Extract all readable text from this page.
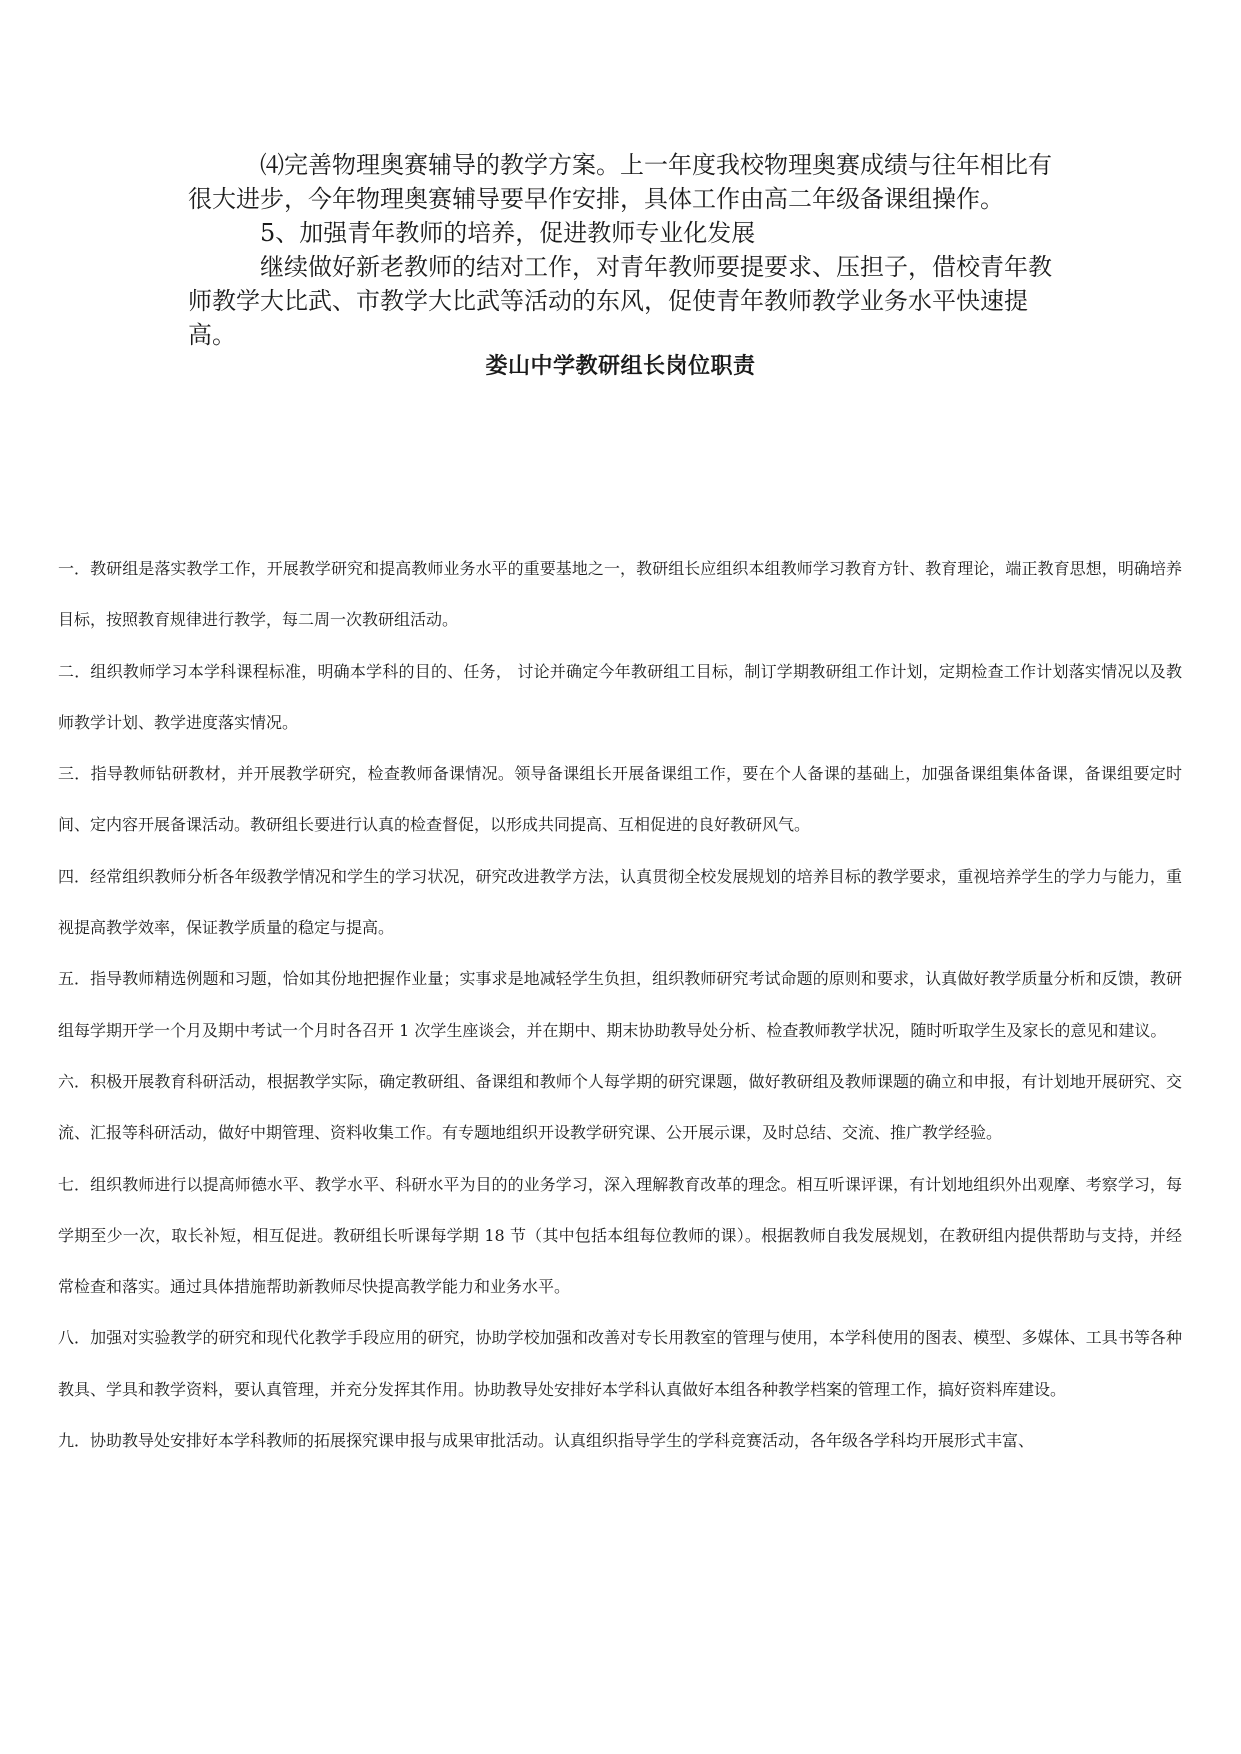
⑷完善物理奥赛辅导的教学方案。上一年度我校物理奥赛成绩与往年相比有很大进步，今年物理奥赛辅导要早作安排，具体工作由高二年级备课组操作。

5、加强青年教师的培养，促进教师专业化发展

继续做好新老教师的结对工作，对青年教师要提要求、压担子，借校青年教师教学大比武、市教学大比武等活动的东风，促使青年教师教学业务水平快速提高。

娄山中学教研组长岗位职责

一．教研组是落实教学工作，开展教学研究和提高教师业务水平的重要基地之一，教研组长应组织本组教师学习教育方针、教育理论，端正教育思想，明确培养目标，按照教育规律进行教学，每二周一次教研组活动。

二．组织教师学习本学科课程标准，明确本学科的目的、任务， 讨论并确定今年教研组工目标，制订学期教研组工作计划，定期检查工作计划落实情况以及教师教学计划、教学进度落实情况。

三．指导教师钻研教材，并开展教学研究，检查教师备课情况。领导备课组长开展备课组工作，要在个人备课的基础上，加强备课组集体备课，备课组要定时间、定内容开展备课活动。教研组长要进行认真的检查督促，以形成共同提高、互相促进的良好教研风气。

四．经常组织教师分析各年级教学情况和学生的学习状况，研究改进教学方法，认真贯彻全校发展规划的培养目标的教学要求，重视培养学生的学力与能力，重视提高教学效率，保证教学质量的稳定与提高。

五．指导教师精选例题和习题，恰如其份地把握作业量；实事求是地减轻学生负担，组织教师研究考试命题的原则和要求，认真做好教学质量分析和反馈，教研组每学期开学一个月及期中考试一个月时各召开 1 次学生座谈会，并在期中、期末协助教导处分析、检查教师教学状况，随时听取学生及家长的意见和建议。

六．积极开展教育科研活动，根据教学实际，确定教研组、备课组和教师个人每学期的研究课题，做好教研组及教师课题的确立和申报，有计划地开展研究、交流、汇报等科研活动，做好中期管理、资料收集工作。有专题地组织开设教学研究课、公开展示课，及时总结、交流、推广教学经验。

七．组织教师进行以提高师德水平、教学水平、科研水平为目的的业务学习，深入理解教育改革的理念。相互听课评课，有计划地组织外出观摩、考察学习，每学期至少一次，取长补短，相互促进。教研组长听课每学期 18 节（其中包括本组每位教师的课）。根据教师自我发展规划，在教研组内提供帮助与支持，并经常检查和落实。通过具体措施帮助新教师尽快提高教学能力和业务水平。

八．加强对实验教学的研究和现代化教学手段应用的研究，协助学校加强和改善对专长用教室的管理与使用，本学科使用的图表、模型、多媒体、工具书等各种教具、学具和教学资料，要认真管理，并充分发挥其作用。协助教导处安排好本学科认真做好本组各种教学档案的管理工作，搞好资料库建设。

九．协助教导处安排好本学科教师的拓展探究课申报与成果审批活动。认真组织指导学生的学科竞赛活动，各年级各学科均开展形式丰富、
